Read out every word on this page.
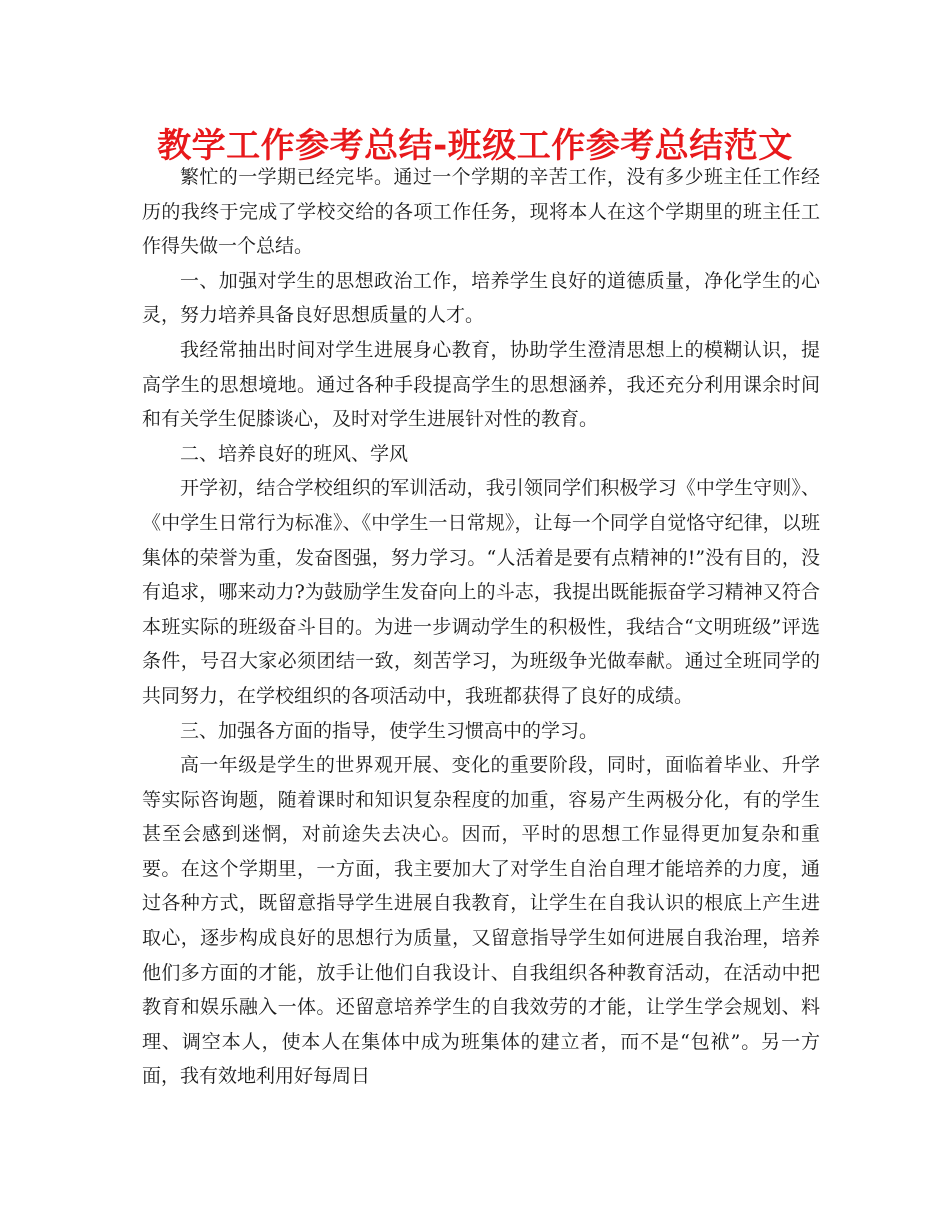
教学工作参考总结-班级工作参考总结范文

繁忙的一学期已经完毕。通过一个学期的辛苦工作，没有多少班主任工作经历的我终于完成了学校交给的各项工作任务，现将本人在这个学期里的班主任工作得失做一个总结。

一、加强对学生的思想政治工作，培养学生良好的道德质量，净化学生的心灵，努力培养具备良好思想质量的人才。

我经常抽出时间对学生进展身心教育，协助学生澄清思想上的模糊认识，提高学生的思想境地。通过各种手段提高学生的思想涵养，我还充分利用课余时间和有关学生促膝谈心，及时对学生进展针对性的教育。

二、培养良好的班风、学风

开学初，结合学校组织的军训活动，我引领同学们积极学习《中学生守则》、《中学生日常行为标准》、《中学生一日常规》，让每一个同学自觉恪守纪律，以班集体的荣誉为重，发奋图强，努力学习。“人活着是要有点精神的!”没有目的，没有追求，哪来动力?为鼓励学生发奋向上的斗志，我提出既能振奋学习精神又符合本班实际的班级奋斗目的。为进一步调动学生的积极性，我结合“文明班级”评选条件，号召大家必须团结一致，刻苦学习，为班级争光做奉献。通过全班同学的共同努力，在学校组织的各项活动中，我班都获得了良好的成绩。

三、加强各方面的指导，使学生习惯高中的学习。

高一年级是学生的世界观开展、变化的重要阶段，同时，面临着毕业、升学等实际咨询题，随着课时和知识复杂程度的加重，容易产生两极分化，有的学生甚至会感到迷惘，对前途失去决心。因而，平时的思想工作显得更加复杂和重要。在这个学期里，一方面，我主要加大了对学生自治自理才能培养的力度，通过各种方式，既留意指导学生进展自我教育，让学生在自我认识的根底上产生进取心，逐步构成良好的思想行为质量，又留意指导学生如何进展自我治理，培养他们多方面的才能，放手让他们自我设计、自我组织各种教育活动，在活动中把教育和娱乐融入一体。还留意培养学生的自我效劳的才能，让学生学会规划、料理、调空本人，使本人在集体中成为班集体的建立者，而不是“包袱”。另一方面，我有效地利用好每周日
